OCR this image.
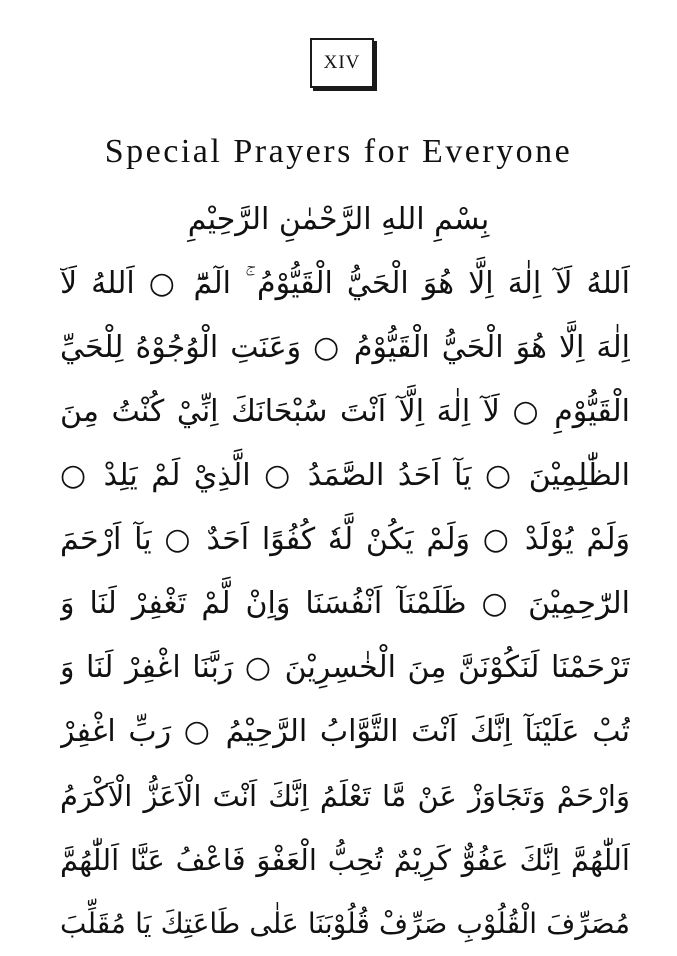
XIV
Special Prayers for Everyone
بِسْمِ اللهِ الرَّحْمٰنِ الرَّحِيْمِ
اَللهُ لَآ اِلٰهَ اِلَّا هُوَ الْحَيُّ الْقَيُّوْمُ ۚ الٓمّٓ ○ اَللهُ لَآ
اِلٰهَ اِلَّا هُوَ الْحَيُّ الْقَيُّوْمُ ○ وَعَنَتِ الْوُجُوْهُ لِلْحَيِّ
الْقَيُّوْمِ ○ لَآ اِلٰهَ اِلَّآ اَنْتَ سُبْحَانَكَ اِنِّيْ كُنْتُ مِنَ
الظّٰلِمِيْنَ ○ يَآ اَحَدُ الصَّمَدُ ○ الَّذِيْ لَمْ يَلِدْ ○
وَلَمْ يُوْلَدْ ○ وَلَمْ يَكُنْ لَّهٗ كُفُوًا اَحَدٌ ○ يَآ اَرْحَمَ
الرّٰحِمِيْنَ ○ ظَلَمْنَآ اَنْفُسَنَا وَاِنْ لَّمْ تَغْفِرْ لَنَا وَ
تَرْحَمْنَا لَنَكُوْنَنَّ مِنَ الْخٰسِرِيْنَ ○ رَبَّنَا اغْفِرْ لَنَا وَ
تُبْ عَلَيْنَآ اِنَّكَ اَنْتَ التَّوَّابُ الرَّحِيْمُ ○ رَبِّ اغْفِرْ
وَارْحَمْ وَتَجَاوَزْ عَنْ مَّا تَعْلَمُ اِنَّكَ اَنْتَ الْاَعَزُّ الْاَكْرَمُ
اَللّٰهُمَّ اِنَّكَ عَفُوٌّ كَرِيْمٌ تُحِبُّ الْعَفْوَ فَاعْفُ عَنَّا اَللّٰهُمَّ
مُصَرِّفَ الْقُلُوْبِ صَرِّفْ قُلُوْبَنَا عَلٰى طَاعَتِكَ يَا مُقَلِّبَ
